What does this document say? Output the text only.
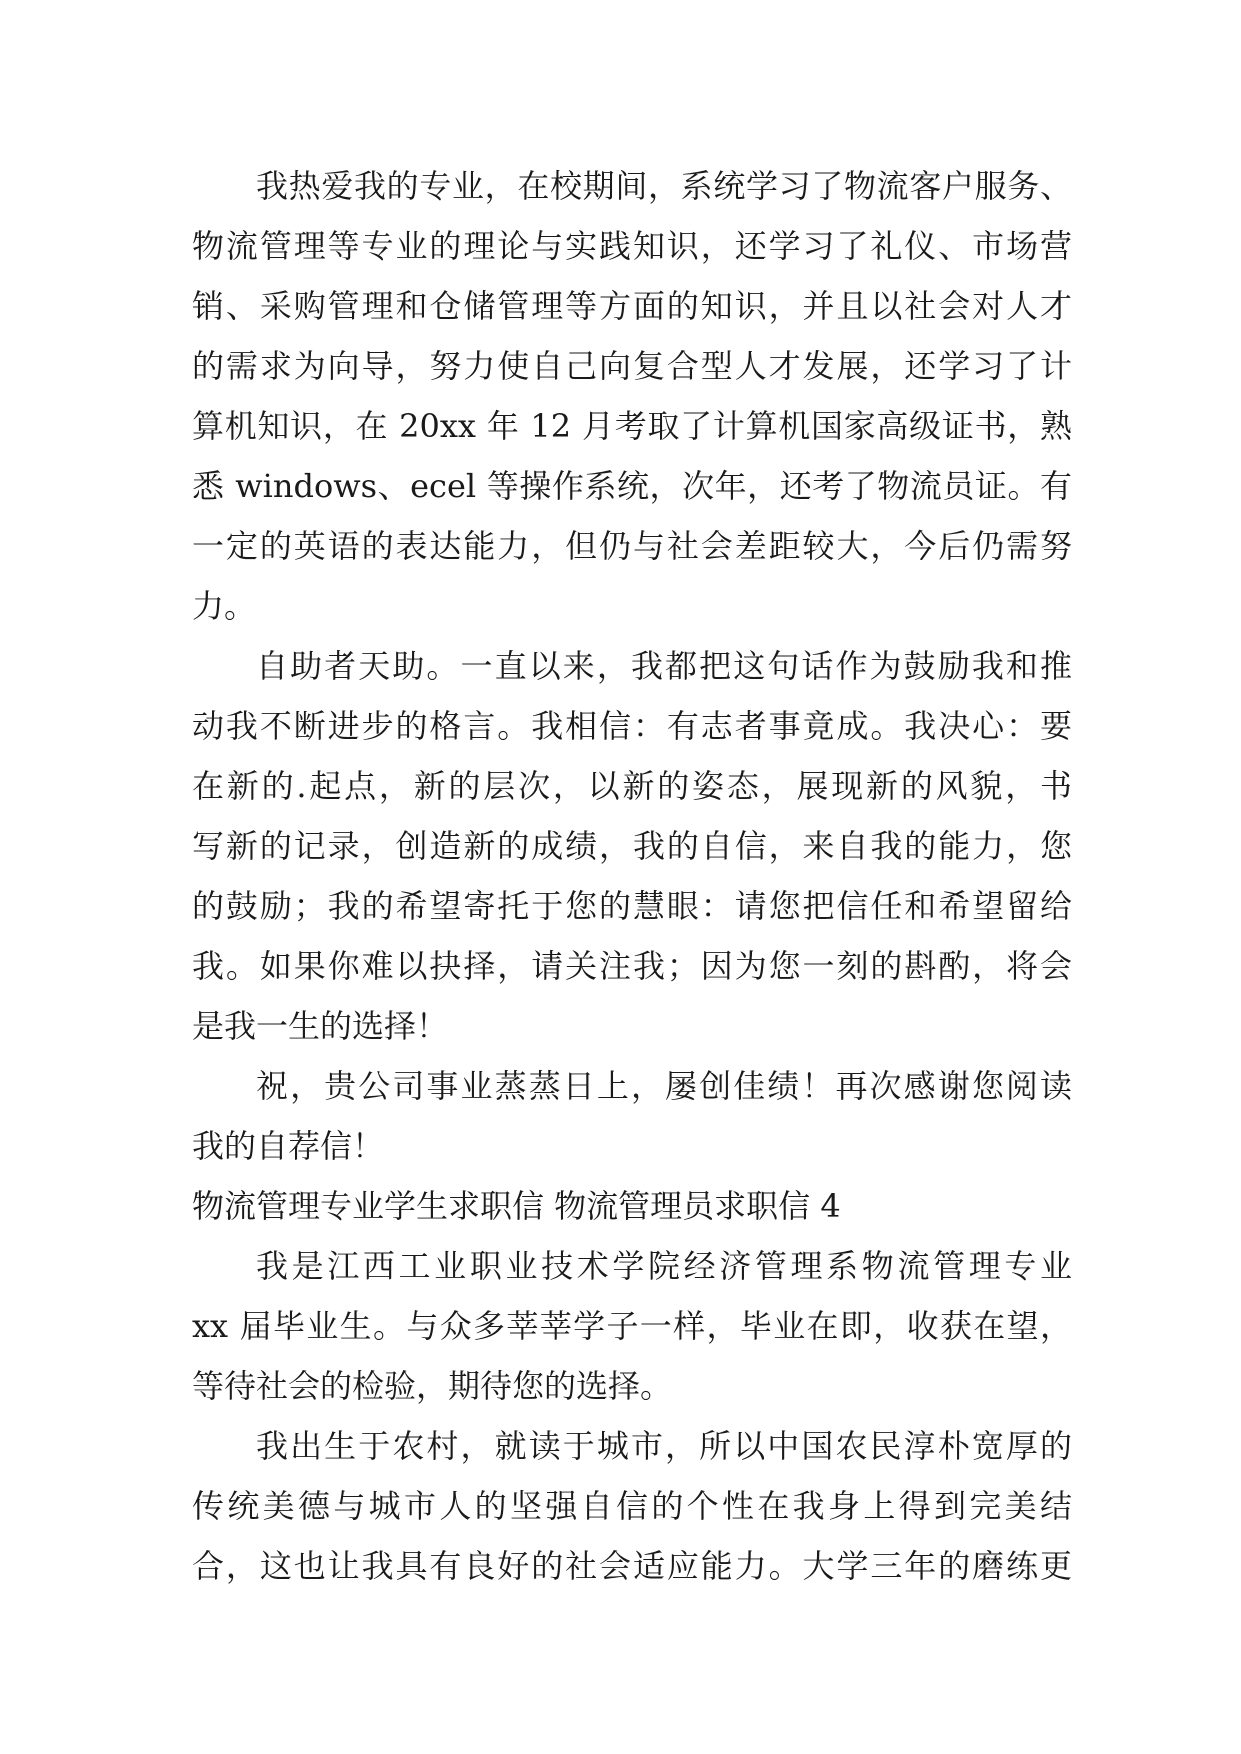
我热爱我的专业，在校期间，系统学习了物流客户服务、
物流管理等专业的理论与实践知识，还学习了礼仪、市场营
销、采购管理和仓储管理等方面的知识，并且以社会对人才
的需求为向导，努力使自己向复合型人才发展，还学习了计
算机知识，在 20xx 年 12 月考取了计算机国家高级证书，熟
悉 windows、ecel 等操作系统，次年，还考了物流员证。有
一定的英语的表达能力，但仍与社会差距较大，今后仍需努
力。
自助者天助。一直以来，我都把这句话作为鼓励我和推
动我不断进步的格言。我相信：有志者事竟成。我决心：要
在新的.起点，新的层次，以新的姿态，展现新的风貌，书
写新的记录，创造新的成绩，我的自信，来自我的能力，您
的鼓励；我的希望寄托于您的慧眼：请您把信任和希望留给
我。如果你难以抉择，请关注我；因为您一刻的斟酌，将会
是我一生的选择！
祝，贵公司事业蒸蒸日上，屡创佳绩！再次感谢您阅读
我的自荐信！
物流管理专业学生求职信 物流管理员求职信 4
我是江西工业职业技术学院经济管理系物流管理专业
xx 届毕业生。与众多莘莘学子一样，毕业在即，收获在望，
等待社会的检验，期待您的选择。
我出生于农村，就读于城市，所以中国农民淳朴宽厚的
传统美德与城市人的坚强自信的个性在我身上得到完美结
合，这也让我具有良好的社会适应能力。大学三年的磨练更
